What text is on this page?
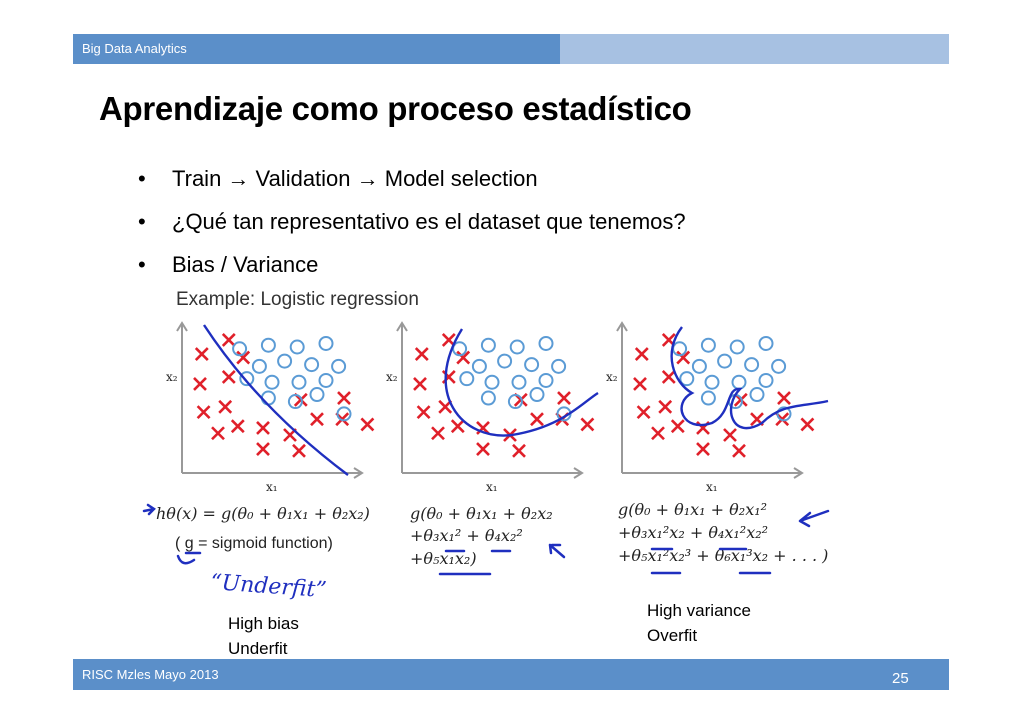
Big Data Analytics
Aprendizaje como proceso estadístico
• Train → Validation → Model selection
• ¿Qué tan representativo es el dataset que tenemos?
• Bias / Variance
Example: Logistic regression
x₂
x₁
x₂
x₁
x₂
x₁
hθ(x) = g(θ₀ + θ₁x₁ + θ₂x₂)
( g = sigmoid function)
g(θ₀ + θ₁x₁ + θ₂x₂
+θ₃x₁² + θ₄x₂²
+θ₅x₁x₂)
g(θ₀ + θ₁x₁ + θ₂x₁²
+θ₃x₁²x₂ + θ₄x₁²x₂²
+θ₅x₁²x₂³ + θ₆x₁³x₂ + . . . )
“Underfit”
High bias
Underfit
High variance
Overfit
RISC Mzles Mayo 2013	25
